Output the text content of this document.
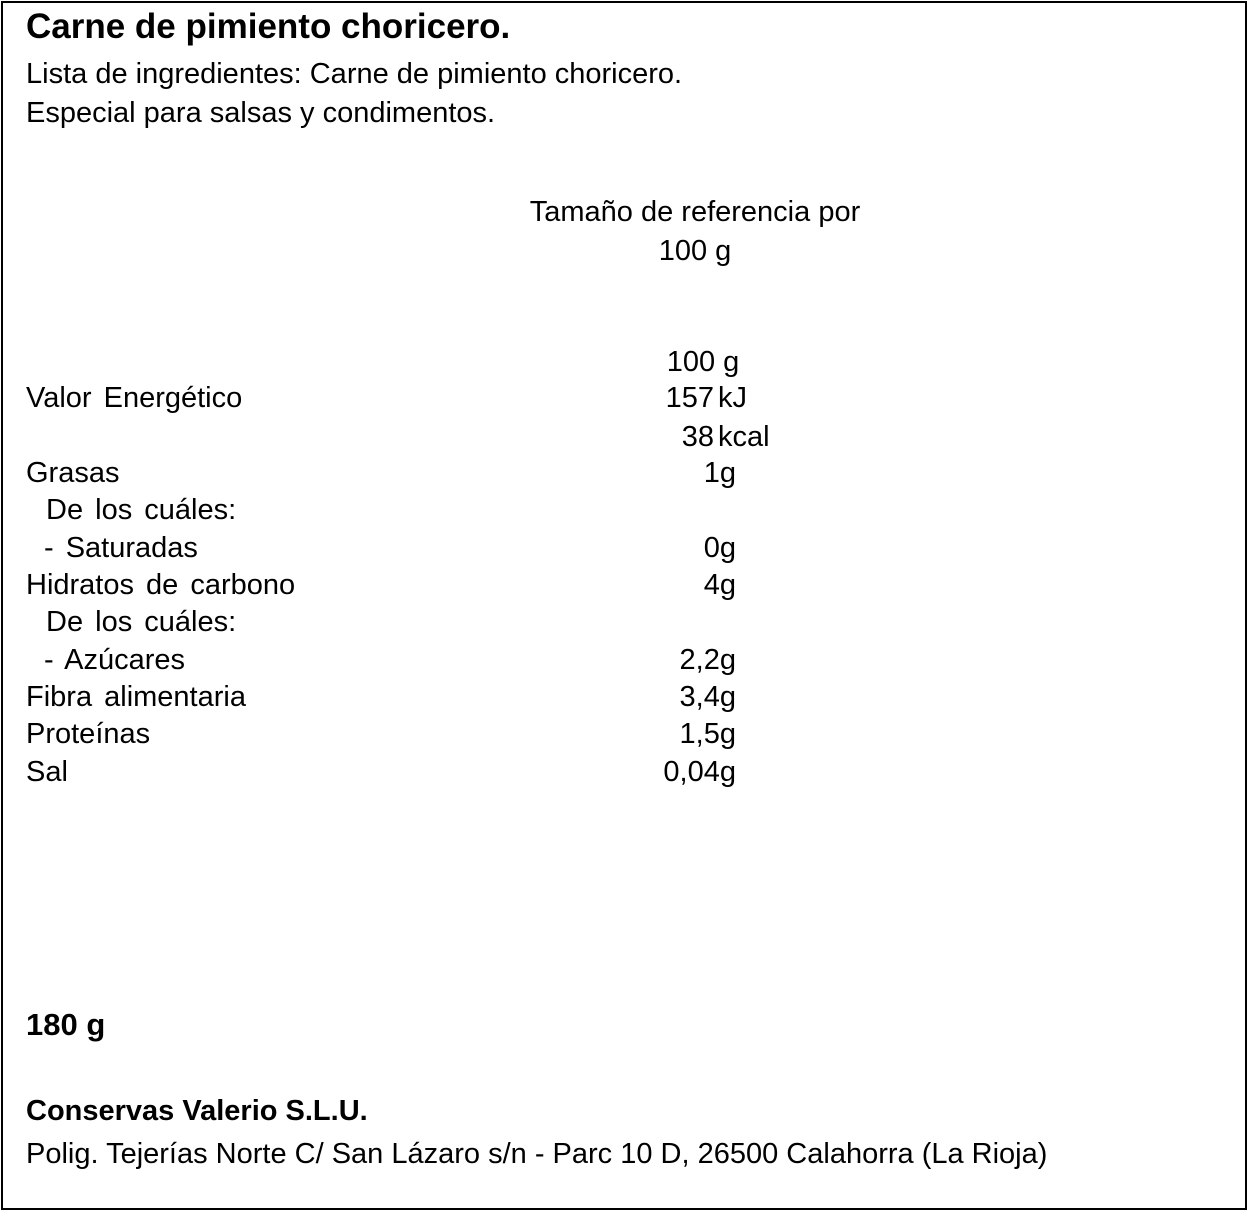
Carne de pimiento choricero.
Lista de ingredientes: Carne de pimiento choricero.
Especial para salsas y condimentos.
Tamaño de referencia por
100 g
100 g
Valor Energético	157 kJ
38 kcal
Grasas	1g
De los cuáles:
- Saturadas	0g
Hidratos de carbono	4g
De los cuáles:
- Azúcares	2,2g
Fibra alimentaria	3,4g
Proteínas	1,5g
Sal	0,04g
180 g
Conservas Valerio S.L.U.
Polig. Tejerías Norte C/ San Lázaro s/n - Parc 10 D, 26500 Calahorra (La Rioja)
